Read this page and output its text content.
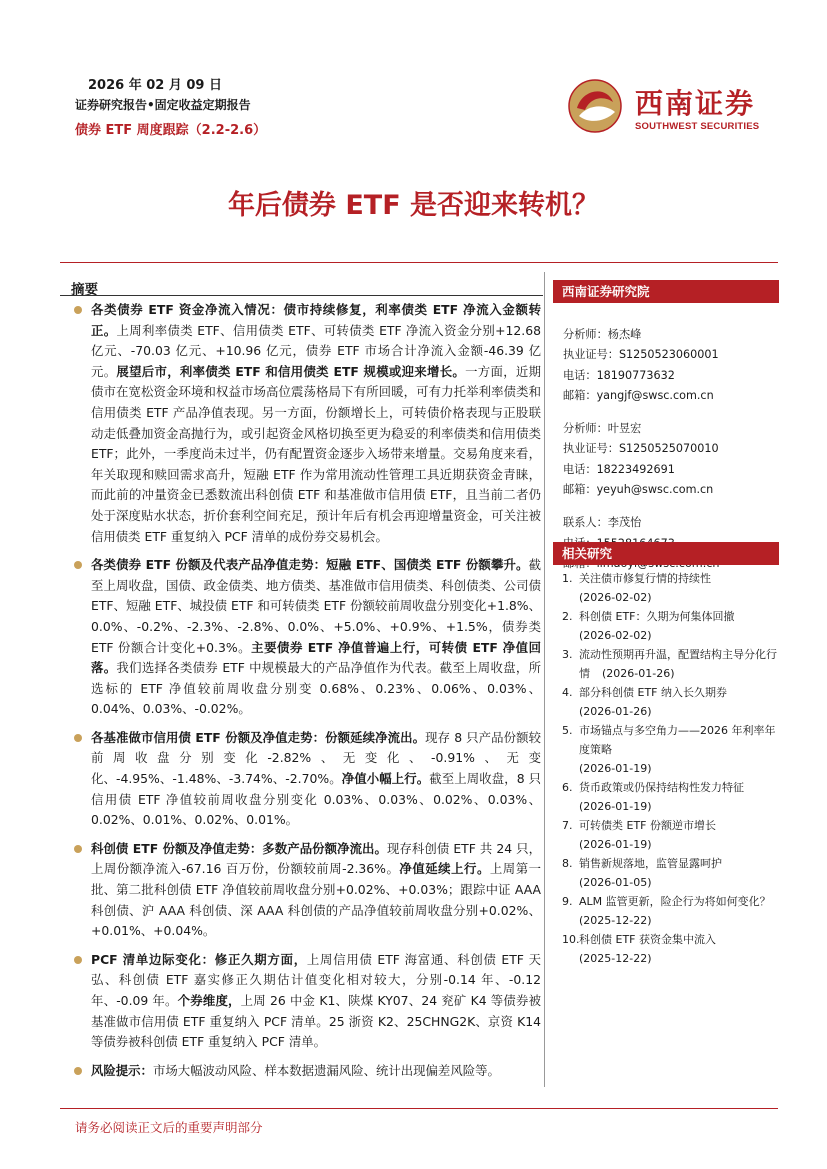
2026 年 02 月 09 日
证券研究报告•固定收益定期报告
债券 ETF 周度跟踪（2.2-2.6）
西南证券
SOUTHWEST SECURITIES
年后债券 ETF 是否迎来转机？
摘要
各类债券 ETF 资金净流入情况：债市持续修复，利率债类 ETF 净流入金额转正。上周利率债类 ETF、信用债类 ETF、可转债类 ETF 净流入资金分别+12.68 亿元、-70.03 亿元、+10.96 亿元，债券 ETF 市场合计净流入金额-46.39 亿元。展望后市，利率债类 ETF 和信用债类 ETF 规模或迎来增长。一方面，近期债市在宽松资金环境和权益市场高位震荡格局下有所回暖，可有力托举利率债类和信用债类 ETF 产品净值表现。另一方面，份额增长上，可转债价格表现与正股联动走低叠加资金高抛行为，或引起资金风格切换至更为稳妥的利率债类和信用债类 ETF；此外，一季度尚未过半，仍有配置资金逐步入场带来增量。交易角度来看，年关取现和赎回需求高升，短融 ETF 作为常用流动性管理工具近期获资金青睐，而此前的冲量资金已悉数流出科创债 ETF 和基准做市信用债 ETF，且当前二者仍处于深度贴水状态，折价套利空间充足，预计年后有机会再迎增量资金，可关注被信用债类 ETF 重复纳入 PCF 清单的成份券交易机会。
各类债券 ETF 份额及代表产品净值走势：短融 ETF、国债类 ETF 份额攀升。截至上周收盘，国债、政金债类、地方债类、基准做市信用债类、科创债类、公司债 ETF、短融 ETF、城投债 ETF 和可转债类 ETF 份额较前周收盘分别变化+1.8%、0.0%、-0.2%、-2.3%、-2.8%、0.0%、+5.0%、+0.9%、+1.5%，债券类 ETF 份额合计变化+0.3%。主要债券 ETF 净值普遍上行，可转债 ETF 净值回落。我们选择各类债券 ETF 中规模最大的产品净值作为代表。截至上周收盘，所选标的 ETF 净值较前周收盘分别变 0.68%、0.23%、0.06%、0.03%、0.04%、0.03%、-0.02%。
各基准做市信用债 ETF 份额及净值走势：份额延续净流出。现存 8 只产品份额较前周收盘分别变化-2.82%、无变化、-0.91%、无变化、-4.95%、-1.48%、-3.74%、-2.70%。净值小幅上行。截至上周收盘，8 只信用债 ETF 净值较前周收盘分别变化 0.03%、0.03%、0.02%、0.03%、0.02%、0.01%、0.02%、0.01%。
科创债 ETF 份额及净值走势：多数产品份额净流出。现存科创债 ETF 共 24 只，上周份额净流入-67.16 百万份，份额较前周-2.36%。净值延续上行。上周第一批、第二批科创债 ETF 净值较前周收盘分别+0.02%、+0.03%；跟踪中证 AAA 科创债、沪 AAA 科创债、深 AAA 科创债的产品净值较前周收盘分别+0.02%、+0.01%、+0.04%。
PCF 清单边际变化：修正久期方面，上周信用债 ETF 海富通、科创债 ETF 天弘、科创债 ETF 嘉实修正久期估计值变化相对较大，分别-0.14 年、-0.12 年、-0.09 年。个券维度，上周 26 中金 K1、陕煤 KY07、24 兖矿 K4 等债券被基准做市信用债 ETF 重复纳入 PCF 清单。25 浙资 K2、25CHNG2K、京资 K14 等债券被科创债 ETF 重复纳入 PCF 清单。
风险提示：市场大幅波动风险、样本数据遗漏风险、统计出现偏差风险等。
西南证券研究院
分析师：杨杰峰
执业证号：S1250523060001
电话：18190773632
邮箱：yangjf@swsc.com.cn
分析师：叶昱宏
执业证号：S1250525070010
电话：18223492691
邮箱：yeyuh@swsc.com.cn
联系人：李茂怡
相关研究
1. 关注债市修复行情的持续性
(2026-02-02)
2. 科创债 ETF：久期为何集体回撤
(2026-02-02)
3. 流动性预期再升温，配置结构主导分化行情 (2026-01-26)
4. 部分科创债 ETF 纳入长久期券
(2026-01-26)
5. 市场锚点与多空角力——2026 年利率年度策略
(2026-01-19)
6. 货币政策或仍保持结构性发力特征
(2026-01-19)
7. 可转债类 ETF 份额逆市增长
(2026-01-19)
8. 销售新规落地，监管显露呵护
(2026-01-05)
9. ALM 监管更新，险企行为将如何变化？
(2025-12-22)
10. 科创债 ETF 获资金集中流入
(2025-12-22)
请务必阅读正文后的重要声明部分
